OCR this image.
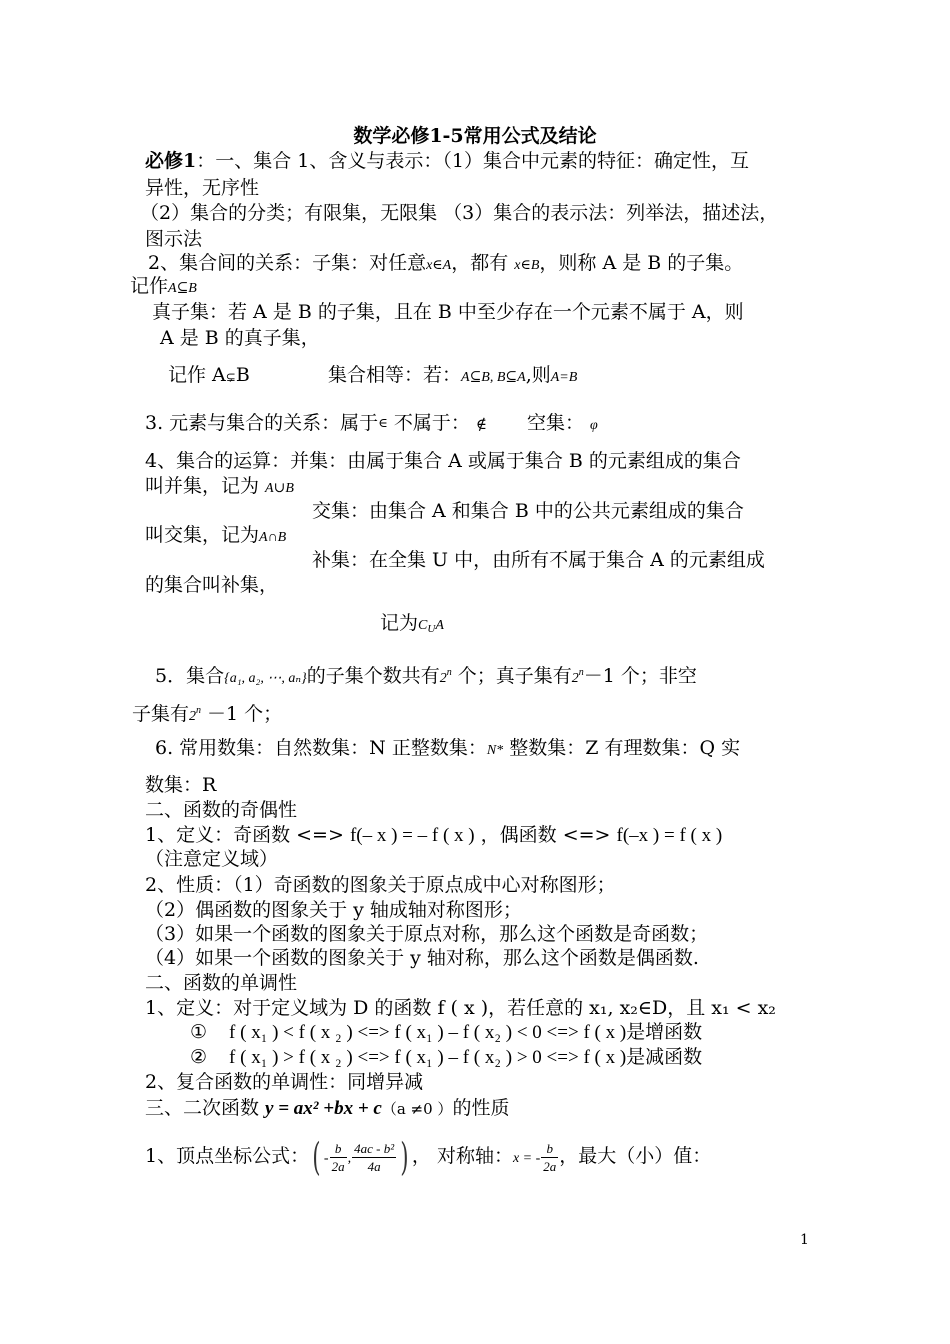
数学必修1-5常用公式及结论
必修1：一、集合 1、含义与表示：（1）集合中元素的特征：确定性，互
异性，无序性
（2）集合的分类；有限集，无限集 （3）集合的表示法：列举法，描述法，
图示法
2、集合间的关系：子集：对任意x∈A，都有 x∈B，则称 A 是 B 的子集。
记作A⊆B
真子集：若 A 是 B 的子集，且在 B 中至少存在一个元素不属于 A，则
A 是 B 的真子集，
记作 A⊊B	集合相等：若：A⊆B, B⊆A,则A=B
3. 元素与集合的关系：属于∈ 不属于： ∉ 空集： φ
4、集合的运算：并集：由属于集合 A 或属于集合 B 的元素组成的集合
叫并集，记为 A∪B
交集：由集合 A 和集合 B 中的公共元素组成的集合
叫交集，记为A∩B
补集：在全集 U 中，由所有不属于集合 A 的元素组成
的集合叫补集，
记为$C_UA$
5．集合{a₁, a₂, ⋯, aₙ}的子集个数共有2$^n$ 个；真子集有$2^n-1$ 个；非空
子集有$2^n -1$ 个；
6. 常用数集：自然数集：N 正整数集：N* 整数集：Z 有理数集：Q 实
数集：R
二、函数的奇偶性
1、定义：奇函数 <=> f(– x ) = – f ( x ) ，偶函数 <=> f(–x ) = f ( x )
（注意定义域）
2、性质：（1）奇函数的图象关于原点成中心对称图形；
（2）偶函数的图象关于 y 轴成轴对称图形；
（3）如果一个函数的图象关于原点对称，那么这个函数是奇函数；
（4）如果一个函数的图象关于 y 轴对称，那么这个函数是偶函数.
二、函数的单调性
1、定义：对于定义域为 D 的函数 f ( x )，若任意的 x₁, x₂∈D，且 x₁ < x₂
① f ( x₁ ) < f ( x ₂ ) <=> f ( x₁ ) – f ( x₂ ) < 0 <=> f ( x )是增函数
② f ( x₁ ) > f ( x ₂ ) <=> f ( x₁ ) – f ( x₂ ) > 0 <=> f ( x )是减函数
2、复合函数的单调性：同增异减
三、二次函数 y = ax² +bx + c（a ≠0 ）的性质
1、顶点坐标公式：( - $\frac{b}{2a}$ , $\frac{\text{4ac - b²}}{4a}$ ) ， 对称轴：x = - $\frac{b}{2a}$ ，最大（小）值：
1
